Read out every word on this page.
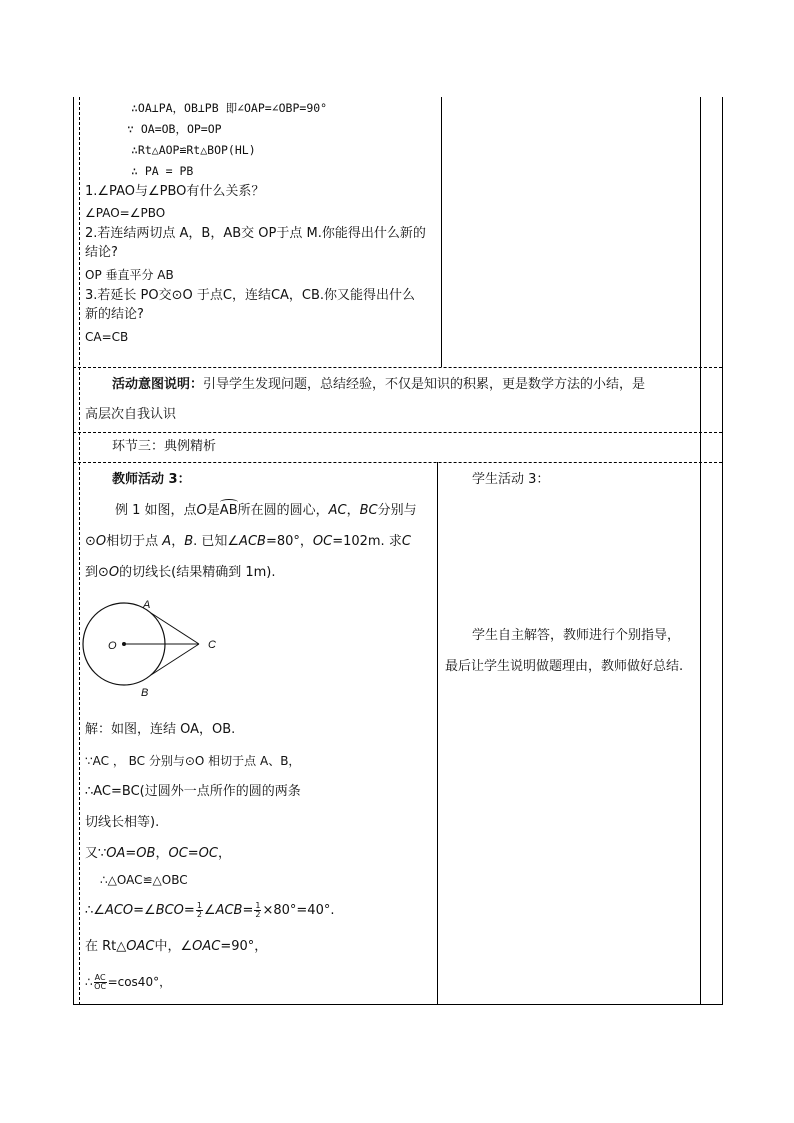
∴OA⊥PA，OB⊥PB 即∠OAP=∠OBP=90°
∵ OA=OB，OP=OP
∴Rt△AOP≌Rt△BOP(HL)
∴ PA = PB
1.∠PAO与∠PBO有什么关系？
∠PAO=∠PBO
2.若连结两切点 A，B，AB交 OP于点 M.你能得出什么新的
结论?
OP 垂直平分 AB
3.若延长 PO交⊙O 于点C，连结CA，CB.你又能得出什么
新的结论?
CA=CB
活动意图说明：引导学生发现问题，总结经验，不仅是知识的积累，更是数学方法的小结，是
高层次自我认识
环节三：典例精析
教师活动 3：
例 1 如图，点O是AB所在圆的圆心，AC，BC分别与
⊙O相切于点 A，B. 已知∠ACB=80°，OC=102m. 求C
到⊙O的切线长(结果精确到 1m).
A
B
C
O
解：如图，连结 OA，OB.
∵AC ， BC 分别与⊙O 相切于点 A、B，
∴AC=BC(过圆外一点所作的圆的两条
切线长相等).
又∵OA=OB，OC=OC，
∴△OAC≌△OBC
∴∠ACO=∠BCO= $\frac{1}{2}$ ∠ACB= $\frac{1}{2} \times 80^\circ=40^\circ$.
在 Rt△OAC中，∠OAC=90°，
∴ $\frac{AC}{OC} =\cos 40^\circ$，
学生活动 3：
学生自主解答，教师进行个别指导，
最后让学生说明做题理由，教师做好总结.
